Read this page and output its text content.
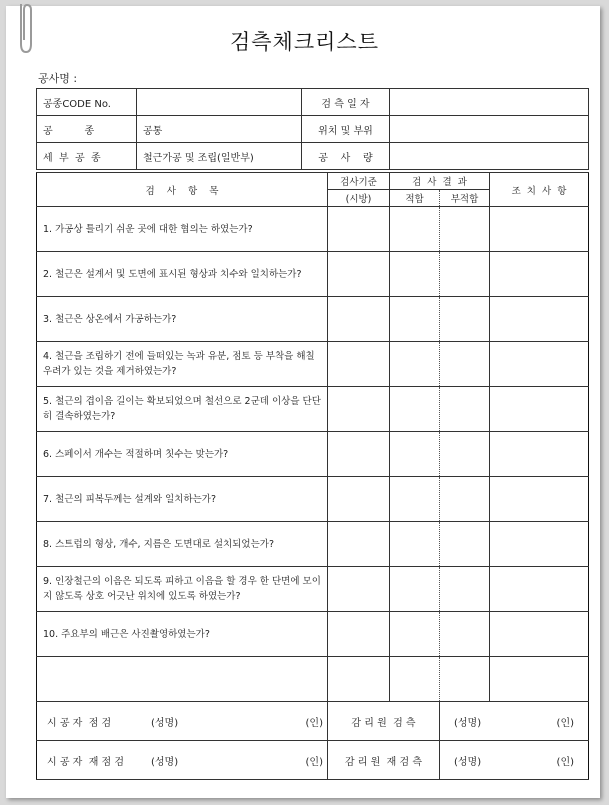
검측체크리스트
공사명 :
공종CODE No.		검 측 일 자	
공          종	공통	위치 및 부위	
세  부  공  종	철근가공 및 조립(일반부)	공    사    량	
검    사    항    목	검사기준	검  사  결  과		조  치  사  항
	(시방)	적합	부적합	
1. 가공상 틀리기 쉬운 곳에 대한 협의는 하였는가?				
2. 철근은 설계서 및 도면에 표시된 형상과 치수와 일치하는가?				
3. 철근은 상온에서 가공하는가?				
4. 철근을 조립하기 전에 들떠있는 녹과 유분, 점토 등 부착을 해칠 우려가 있는 것을 제거하였는가?				
5. 철근의 겹이음 길이는 확보되었으며 철선으로 2군데 이상을 단단히 결속하였는가?				
6. 스페이서 개수는 적절하며 칫수는 맞는가?				
7. 철근의 피복두께는 설계와 일치하는가?				
8. 스트럽의 형상, 개수, 지름은 도면대로 설치되었는가?				
9. 인장철근의 이음은 되도록 피하고 이음을 할 경우 한 단면에 모이지 않도록 상호 어긋난 위치에 있도록 하였는가?				
10. 주요부의 배근은 사진촬영하였는가?				

시 공 자  점 검 (성명) (인)	감 리 원  검 측		(성명) (인)	

시 공 자  재 점 검 (성명) (인)	감 리 원  재 검 측		(성명) (인)	
